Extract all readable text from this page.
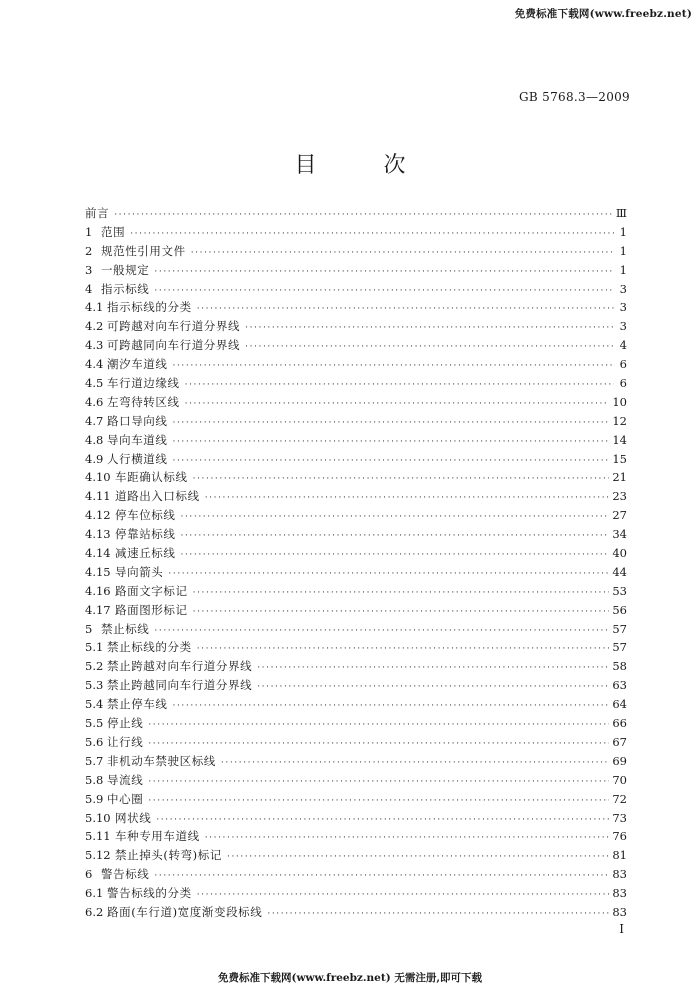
免费标准下载网(www.freebz.net)
GB 5768.3—2009
目 次
前言 ·····	Ⅲ
1 范围 ·····	1
2 规范性引用文件 ·····	1
3 一般规定 ·····	1
4 指示标线 ·····	3
4.1 指示标线的分类 ·····	3
4.2 可跨越对向车行道分界线 ·····	3
4.3 可跨越同向车行道分界线 ·····	4
4.4 潮汐车道线 ·····	6
4.5 车行道边缘线 ·····	6
4.6 左弯待转区线 ·····	10
4.7 路口导向线 ·····	12
4.8 导向车道线 ·····	14
4.9 人行横道线 ·····	15
4.10 车距确认标线 ·····	21
4.11 道路出入口标线 ·····	23
4.12 停车位标线 ·····	27
4.13 停靠站标线 ·····	34
4.14 减速丘标线 ·····	40
4.15 导向箭头 ·····	44
4.16 路面文字标记 ·····	53
4.17 路面图形标记 ·····	56
5 禁止标线 ·····	57
5.1 禁止标线的分类 ·····	57
5.2 禁止跨越对向车行道分界线 ·····	58
5.3 禁止跨越同向车行道分界线 ·····	63
5.4 禁止停车线 ·····	64
5.5 停止线 ·····	66
5.6 让行线 ·····	67
5.7 非机动车禁驶区标线 ·····	69
5.8 导流线 ·····	70
5.9 中心圈 ·····	72
5.10 网状线 ·····	73
5.11 车种专用车道线 ·····	76
5.12 禁止掉头(转弯)标记 ·····	81
6 警告标线 ·····	83
6.1 警告标线的分类 ·····	83
6.2 路面(车行道)宽度渐变段标线 ·····	83
Ⅰ
免费标准下载网(www.freebz.net) 无需注册,即可下载
